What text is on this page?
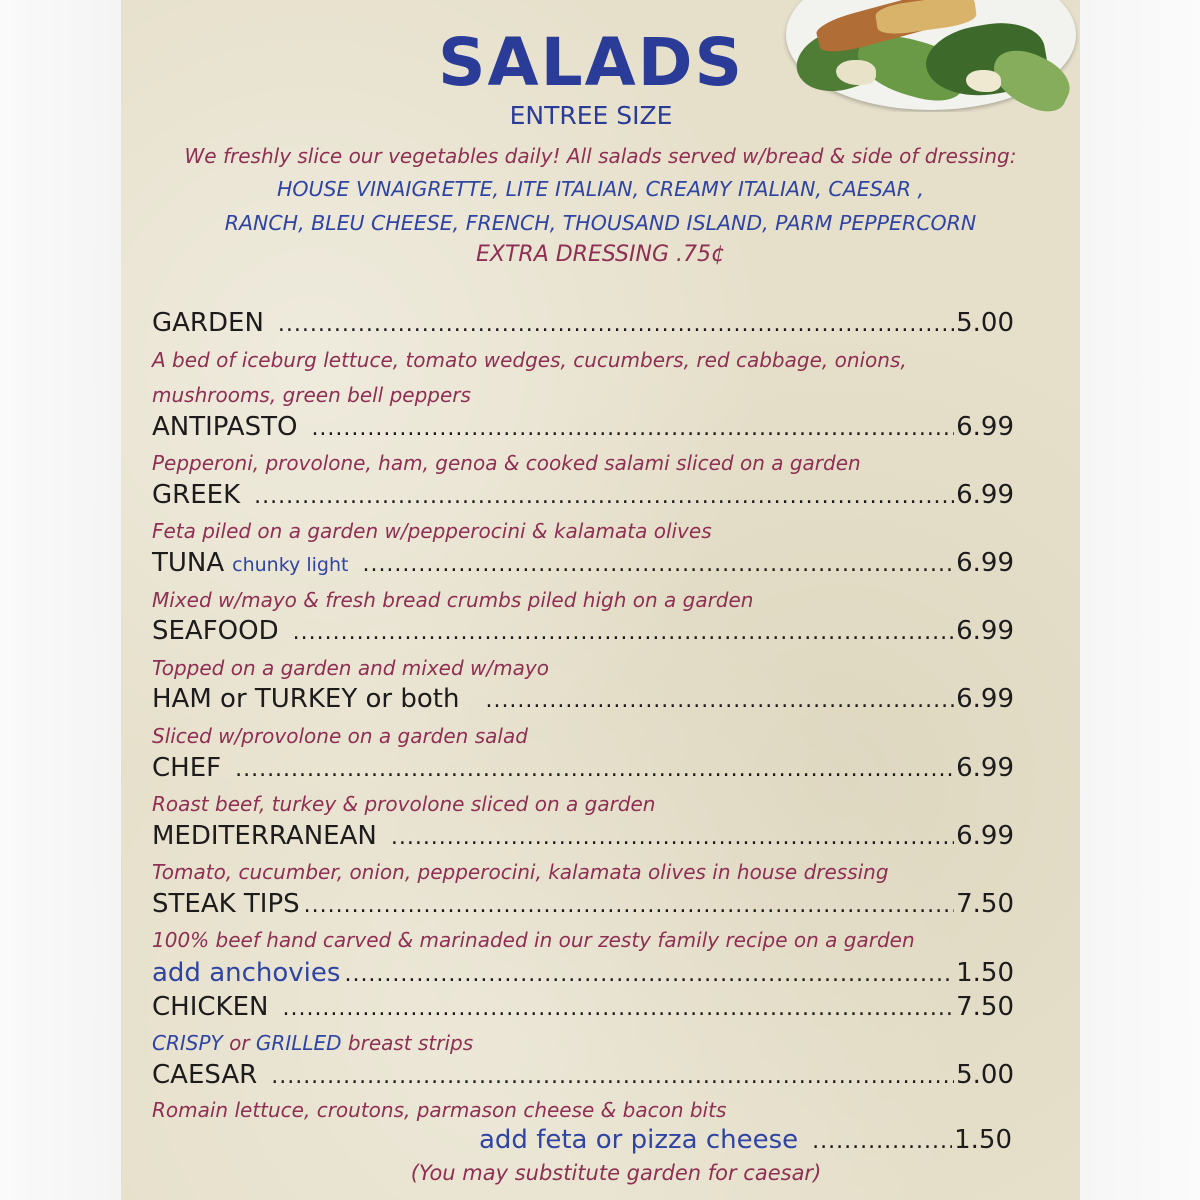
SALADS
ENTREE SIZE
We freshly slice our vegetables daily! All salads served w/bread & side of dressing:
HOUSE VINAIGRETTE, LITE ITALIAN, CREAMY ITALIAN, CAESAR ,
RANCH, BLEU CHEESE, FRENCH, THOUSAND ISLAND, PARM PEPPERCORN
EXTRA DRESSING .75¢
GARDEN .....	5.00
A bed of iceburg lettuce, tomato wedges, cucumbers, red cabbage, onions,
mushrooms, green bell peppers
ANTIPASTO .....	6.99
Pepperoni, provolone, ham, genoa & cooked salami sliced on a garden
GREEK .....	6.99
Feta piled on a garden w/pepperocini & kalamata olives
TUNA chunky light .....	6.99
Mixed w/mayo & fresh bread crumbs piled high on a garden
SEAFOOD .....	6.99
Topped on a garden and mixed w/mayo
HAM or TURKEY or both .....	6.99
Sliced w/provolone on a garden salad
CHEF .....	6.99
Roast beef, turkey & provolone sliced on a garden
MEDITERRANEAN .....	6.99
Tomato, cucumber, onion, pepperocini, kalamata olives in house dressing
STEAK TIPS .....	7.50
100% beef hand carved & marinaded in our zesty family recipe on a garden
add anchovies .....	1.50
CHICKEN .....	7.50
CRISPY or GRILLED breast strips
CAESAR .....	5.00
Romain lettuce, croutons, parmason cheese & bacon bits
add feta or pizza cheese .....	1.50
(You may substitute garden for caesar)
